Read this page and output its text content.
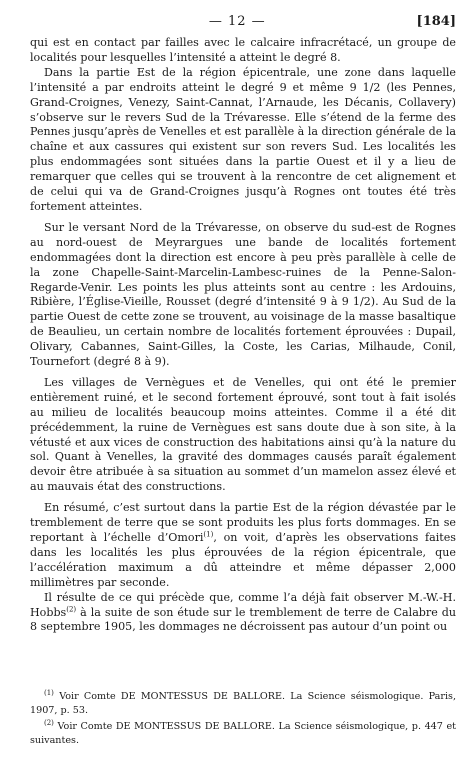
— 12 —	[184]

qui est en contact par failles avec le calcaire infracrétacé, un groupe de localités pour lesquelles l’intensité a atteint le degré 8.

Dans la partie Est de la région épicentrale, une zone dans laquelle l’intensité a par endroits atteint le degré 9 et même 9 1/2 (les Pennes, Grand-Croignes, Venezy, Saint-Cannat, l’Arnaude, les Décanis, Collavery) s’observe sur le revers Sud de la Trévaresse. Elle s’étend de la ferme des Pennes jusqu’après de Venelles et est parallèle à la direction générale de la chaîne et aux cassures qui existent sur son revers Sud. Les localités les plus endommagées sont situées dans la partie Ouest et il y a lieu de remarquer que celles qui se trouvent à la rencontre de cet alignement et de celui qui va de Grand-Croignes jusqu’à Rognes ont toutes été très fortement atteintes.

Sur le versant Nord de la Trévaresse, on observe du sud-est de Rognes au nord-ouest de Meyrargues une bande de localités fortement endommagées dont la direction est encore à peu près parallèle à celle de la zone Chapelle-Saint-Marcelin-Lambesc-ruines de la Penne-Salon-Regarde-Venir. Les points les plus atteints sont au centre : les Ardouins, Ribière, l’Église-Vieille, Rousset (degré d’intensité 9 à 9 1/2). Au Sud de la partie Ouest de cette zone se trouvent, au voisinage de la masse basaltique de Beaulieu, un certain nombre de localités fortement éprouvées : Dupail, Olivary, Cabannes, Saint-Gilles, la Coste, les Carias, Milhaude, Conil, Tournefort (degré 8 à 9).

Les villages de Vernègues et de Venelles, qui ont été le premier entièrement ruiné, et le second fortement éprouvé, sont tout à fait isolés au milieu de localités beaucoup moins atteintes. Comme il a été dit précédemment, la ruine de Vernègues est sans doute due à son site, à la vétusté et aux vices de construction des habitations ainsi qu’à la nature du sol. Quant à Venelles, la gravité des dommages causés paraît également devoir être atribuée à sa situation au sommet d’un mamelon assez élevé et au mauvais état des constructions.

En résumé, c’est surtout dans la partie Est de la région dévastée par le tremblement de terre que se sont produits les plus forts dommages. En se reportant à l’échelle d’Omori$^{(1)}$, on voit, d’après les observations faites dans les localités les plus éprouvées de la région épicentrale, que l’accélération maximum a dû atteindre et même dépasser 2,000 millimètres par seconde.

Il résulte de ce qui précède que, comme l’a déjà fait observer M.-W.-H. Hobbs$^{(2)}$ à la suite de son étude sur le tremblement de terre de Calabre du 8 septembre 1905, les dommages ne décroissent pas autour d’un point ou

$^{(1)}$ Voir Comte DE MONTESSUS DE BALLORE. La Science séismologique. Paris, 1907, p. 53.

$^{(2)}$ Voir Comte DE MONTESSUS DE BALLORE. La Science séismologique, p. 447 et suivantes.
